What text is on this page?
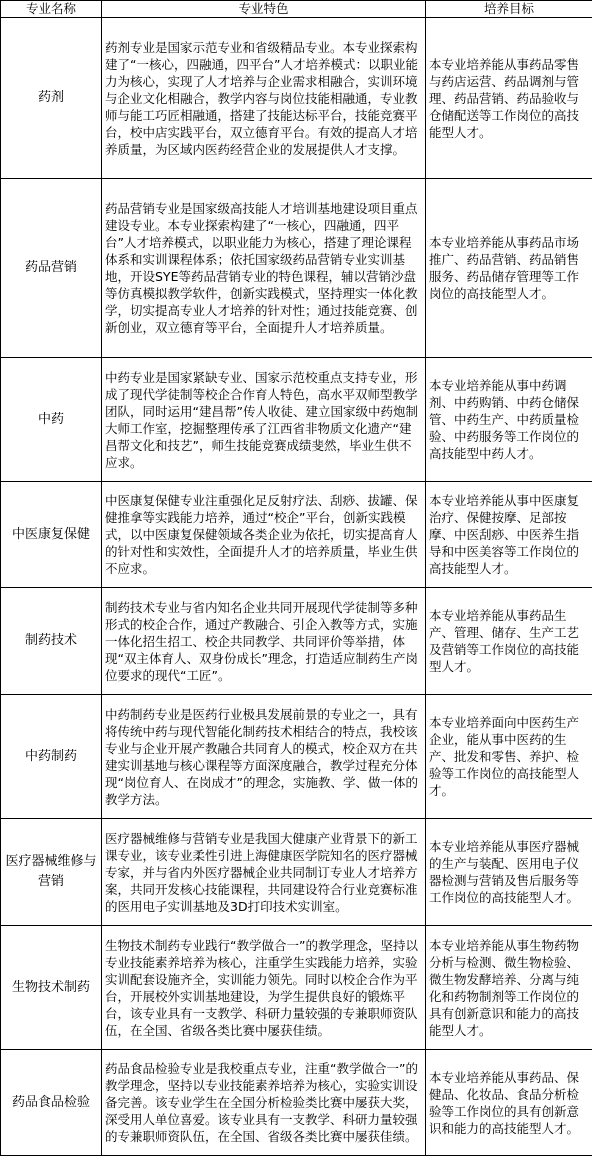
专业名称	专业特色	培养目标
药剂	药剂专业是国家示范专业和省级精品专业。本专业探索构建了“一核心，四融通，四平台”人才培养模式：以职业能力为核心，实现了人才培养与企业需求相融合，实训环境与企业文化相融合，教学内容与岗位技能相融通，专业教师与能工巧匠相融通，搭建了技能达标平台，技能竞赛平台，校中店实践平台，双立德育平台。有效的提高人才培养质量，为区域内医药经营企业的发展提供人才支撑。	本专业培养能从事药品零售与药店运营、药品调剂与管理、药品营销、药品验收与仓储配送等工作岗位的高技能型人才。
药品营销	药品营销专业是国家级高技能人才培训基地建设项目重点建设专业。本专业探索构建了“一核心，四融通，四平台”人才培养模式，以职业能力为核心，搭建了理论课程体系和实训课程体系；依托国家级药品营销专业实训基地，开设SYE等药品营销专业的特色课程，辅以营销沙盘等仿真模拟教学软件，创新实践模式，坚持理实一体化教学，切实提高专业人才培养的针对性；通过技能竞赛、创新创业，双立德育等平台，全面提升人才培养质量。	本专业培养能从事药品市场推广、药品营销、药品销售服务、药品储存管理等工作岗位的高技能型人才。
中药	中药专业是国家紧缺专业、国家示范校重点支持专业，形成了现代学徒制等校企合作育人特色，高水平双师型教学团队，同时运用“建昌帮”传人收徒、建立国家级中药炮制大师工作室，挖掘整理传承了江西省非物质文化遗产“建昌帮文化和技艺”，师生技能竞赛成绩斐然，毕业生供不应求。	本专业培养能从事中药调剂、中药购销、中药仓储保管、中药生产、中药质量检验、中药服务等工作岗位的高技能型中药人才。
中医康复保健	中医康复保健专业注重强化足反射疗法、刮痧、拔罐、保健推拿等实践能力培养，通过“校企”平台，创新实践模式，以中医康复保健领域各类企业为依托，切实提高育人的针对性和实效性，全面提升人才的培养质量，毕业生供不应求。	本专业培养能从事中医康复治疗、保健按摩、足部按摩、中医刮痧、中医养生指导和中医美容等工作岗位的高技能型人才。
制药技术	制药技术专业与省内知名企业共同开展现代学徒制等多种形式的校企合作，通过产教融合、引企入教等方式，实施一体化招生招工、校企共同教学、共同评价等举措，体现“双主体育人、双身份成长”理念，打造适应制药生产岗位要求的现代“工匠”。	本专业培养能从事药品生产、管理、储存、生产工艺及营销等工作岗位的高技能型人才。
中药制药	中药制药专业是医药行业极具发展前景的专业之一，具有将传统中药与现代智能化制药技术相结合的特点，我校该专业与企业开展产教融合共同育人的模式，校企双方在共建实训基地与核心课程等方面深度融合，教学过程充分体现“岗位育人、在岗成才”的理念，实施教、学、做一体的教学方法。	本专业培养面向中医药生产企业，能从事中医药的生产、批发和零售、养护、检验等工作岗位的高技能型人才。
医疗器械维修与营销	医疗器械维修与营销专业是我国大健康产业背景下的新工课专业，该专业柔性引进上海健康医学院知名的医疗器械专家，并与省内外医疗器械企业共同制订专业人才培养方案，共同开发核心技能课程，共同建设符合行业竞赛标准的医用电子实训基地及3D打印技术实训室。	本专业培养能从事医疗器械的生产与装配、医用电子仪器检测与营销及售后服务等工作岗位的高技能型人才。
生物技术制药	生物技术制药专业践行“教学做合一”的教学理念，坚持以专业技能素养培养为核心，注重学生实践能力培养，实验实训配套设施齐全，实训能力领先。同时以校企合作为平台，开展校外实训基地建设，为学生提供良好的锻炼平台，该专业具有一支教学、科研力量较强的专兼职师资队伍，在全国、省级各类比赛中屡获佳绩。	本专业培养能从事生物药物分析与检测、微生物检验、微生物发酵培养、分离与纯化和药物制剂等工作岗位的具有创新意识和能力的高技能型人才。
药品食品检验	药品食品检验专业是我校重点专业，注重“教学做合一”的教学理念，坚持以专业技能素养培养为核心，实验实训设备完善。该专业学生在全国分析检验类比赛中屡获大奖，深受用人单位喜爱。该专业具有一支教学、科研力量较强的专兼职师资队伍，在全国、省级各类比赛中屡获佳绩。	本专业培养能从事药品、保健品、化妆品、食品分析检验等工作岗位的具有创新意识和能力的高技能型人才。
